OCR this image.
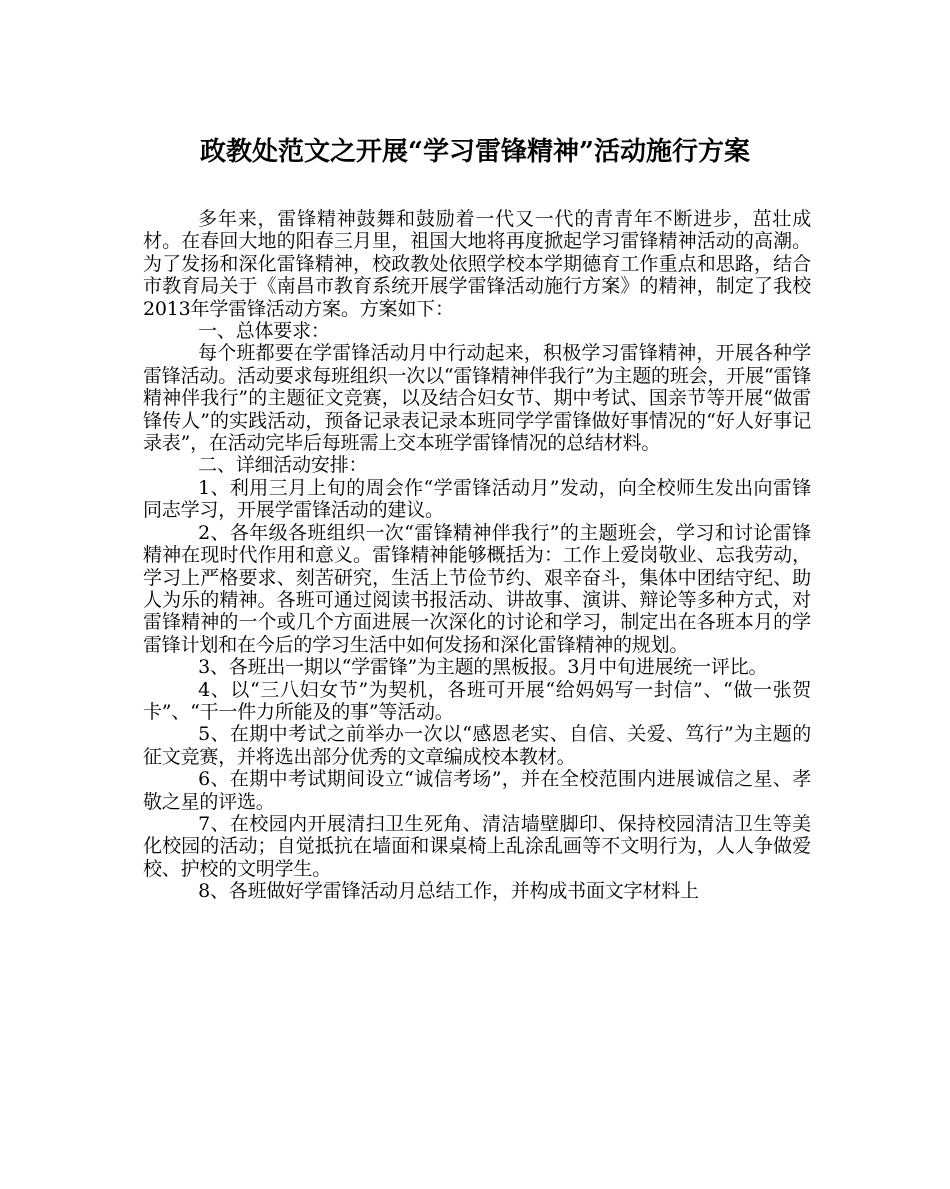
政教处范文之开展“学习雷锋精神”活动施行方案

多年来，雷锋精神鼓舞和鼓励着一代又一代的青青年不断进步，茁壮成材。在春回大地的阳春三月里，祖国大地将再度掀起学习雷锋精神活动的高潮。为了发扬和深化雷锋精神，校政教处依照学校本学期德育工作重点和思路，结合市教育局关于《南昌市教育系统开展学雷锋活动施行方案》的精神，制定了我校2013年学雷锋活动方案。方案如下：

一、总体要求：

每个班都要在学雷锋活动月中行动起来，积极学习雷锋精神，开展各种学雷锋活动。活动要求每班组织一次以“雷锋精神伴我行”为主题的班会，开展“雷锋精神伴我行”的主题征文竞赛，以及结合妇女节、期中考试、国亲节等开展“做雷锋传人”的实践活动，预备记录表记录本班同学学雷锋做好事情况的“好人好事记录表”，在活动完毕后每班需上交本班学雷锋情况的总结材料。

二、详细活动安排：

1、利用三月上旬的周会作“学雷锋活动月”发动，向全校师生发出向雷锋同志学习，开展学雷锋活动的建议。

2、各年级各班组织一次“雷锋精神伴我行”的主题班会，学习和讨论雷锋精神在现时代作用和意义。雷锋精神能够概括为：工作上爱岗敬业、忘我劳动，学习上严格要求、刻苦研究，生活上节俭节约、艰辛奋斗，集体中团结守纪、助人为乐的精神。各班可通过阅读书报活动、讲故事、演讲、辩论等多种方式，对雷锋精神的一个或几个方面进展一次深化的讨论和学习，制定出在各班本月的学雷锋计划和在今后的学习生活中如何发扬和深化雷锋精神的规划。

3、各班出一期以“学雷锋”为主题的黑板报。3月中旬进展统一评比。

4、以“三八妇女节”为契机，各班可开展“给妈妈写一封信”、“做一张贺卡”、“干一件力所能及的事”等活动。

5、在期中考试之前举办一次以“感恩老实、自信、关爱、笃行”为主题的征文竞赛，并将选出部分优秀的文章编成校本教材。

6、在期中考试期间设立“诚信考场”，并在全校范围内进展诚信之星、孝敬之星的评选。

7、在校园内开展清扫卫生死角、清洁墙壁脚印、保持校园清洁卫生等美化校园的活动；自觉抵抗在墙面和课桌椅上乱涂乱画等不文明行为，人人争做爱校、护校的文明学生。

8、各班做好学雷锋活动月总结工作，并构成书面文字材料上
